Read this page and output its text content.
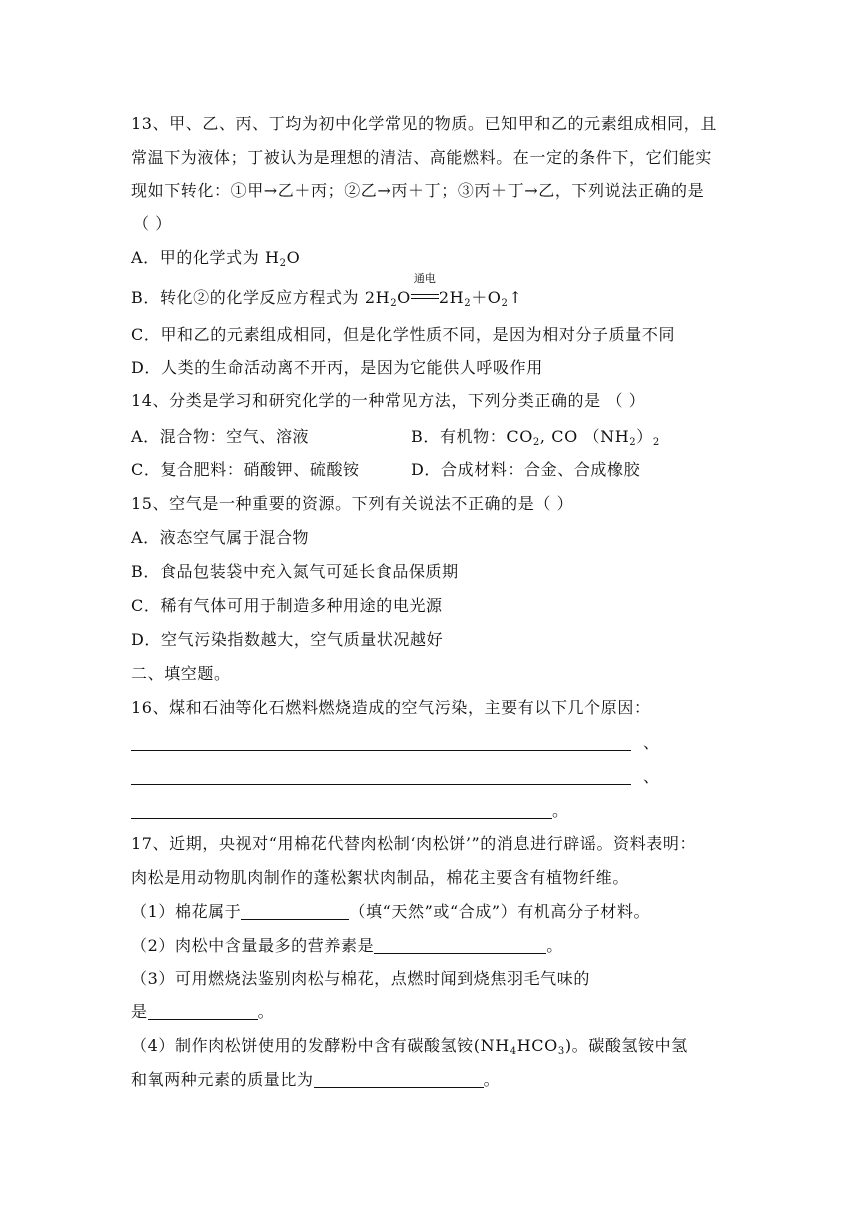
13、甲、乙、丙、丁均为初中化学常见的物质。已知甲和乙的元素组成相同，且
常温下为液体；丁被认为是理想的清洁、高能燃料。在一定的条件下，它们能实
现如下转化：①甲→乙＋丙；②乙→丙＋丁；③丙＋丁→乙，下列说法正确的是
（ ）
A．甲的化学式为 $H_2O$
B．转化②的化学反应方程式为 $2H_2O$
通电
$2H_2+O_2↑$
C．甲和乙的元素组成相同，但是化学性质不同，是因为相对分子质量不同
D．人类的生命活动离不开丙，是因为它能供人呼吸作用
14、分类是学习和研究化学的一种常见方法，下列分类正确的是 （ ）
A．混合物：空气、溶液	B．有机物：$CO_2$, CO $(NH_2)_2$
C．复合肥料：硝酸钾、硫酸铵	D．合成材料：合金、合成橡胶
15、空气是一种重要的资源。下列有关说法不正确的是（ ）
A．液态空气属于混合物
B．食品包装袋中充入氮气可延长食品保质期
C．稀有气体可用于制造多种用途的电光源
D．空气污染指数越大，空气质量状况越好
二、填空题。
16、煤和石油等化石燃料燃烧造成的空气污染，主要有以下几个原因：
、
、
。
17、近期，央视对“用棉花代替肉松制‘肉松饼’”的消息进行辟谣。资料表明：
肉松是用动物肌肉制作的蓬松絮状肉制品，棉花主要含有植物纤维。
（1）棉花属于	（填“天然”或“合成”）有机高分子材料。
（2）肉松中含量最多的营养素是	。
（3）可用燃烧法鉴别肉松与棉花，点燃时闻到烧焦羽毛气味的
是	。
（4）制作肉松饼使用的发酵粉中含有碳酸氢铵$(NH_4HCO_3)$。碳酸氢铵中氢
和氧两种元素的质量比为	。
